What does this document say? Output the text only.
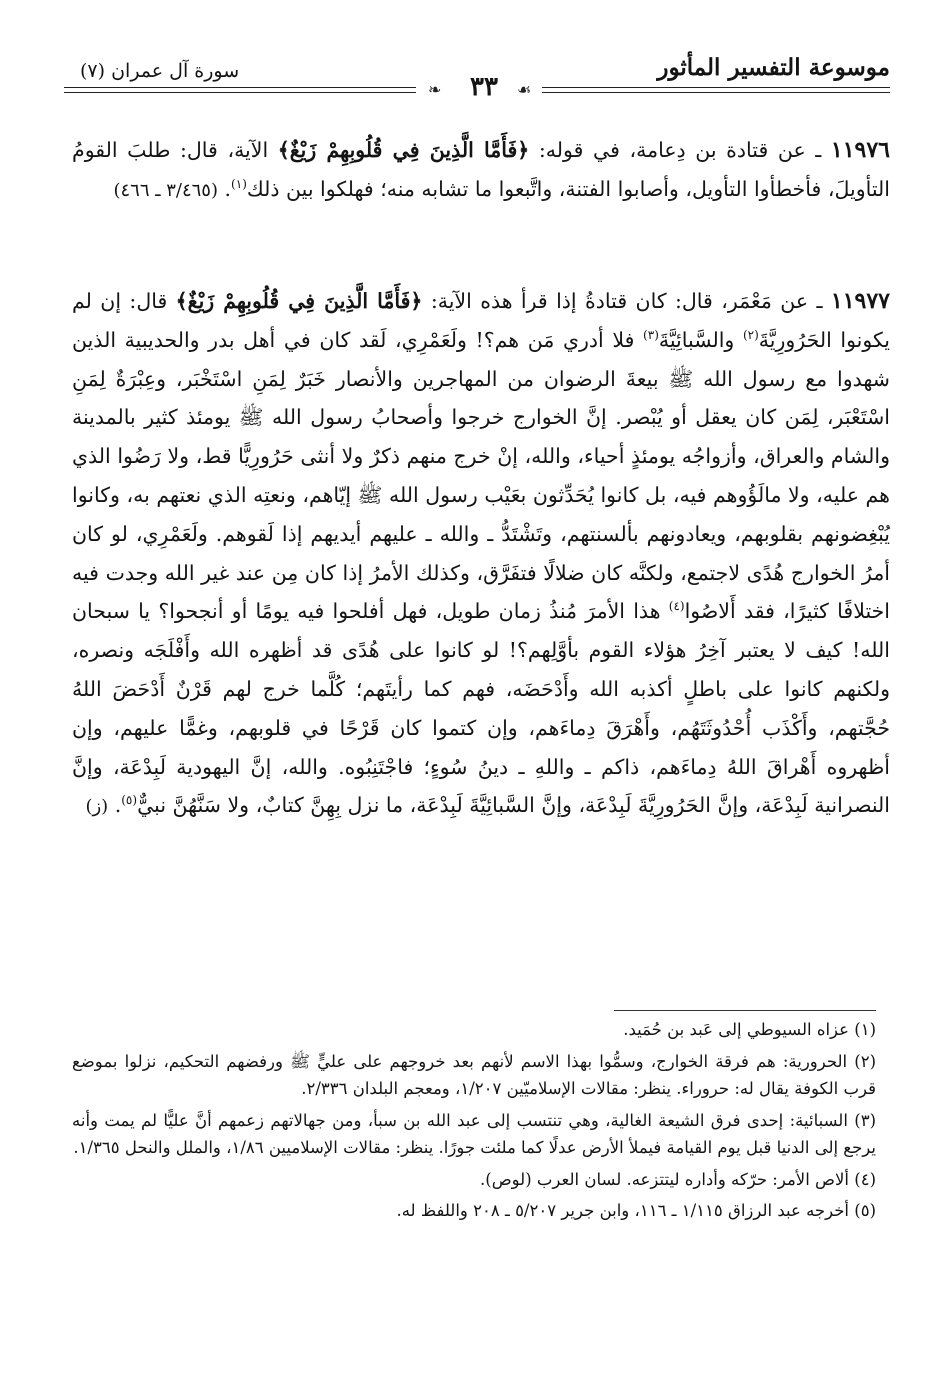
موسوعة التفسير المأثور
سورة آل عمران (٧)
❧	☙
٣٣
١١٩٧٦ ـ عن قتادة بن دِعامة، في قوله: ﴿فَأَمَّا الَّذِينَ فِي قُلُوبِهِمْ زَيْغٌ﴾ الآية، قال: طلبَ القومُ التأويلَ، فأخطأوا التأويل، وأصابوا الفتنة، واتَّبعوا ما تشابه منه؛ فهلكوا بين ذلك$^{(١)}$. (٣/٤٦٥ ـ ٤٦٦)
١١٩٧٧ ـ عن مَعْمَر، قال: كان قتادةُ إذا قرأ هذه الآية: ﴿فَأَمَّا الَّذِينَ فِي قُلُوبِهِمْ زَيْغٌ﴾ قال: إن لم يكونوا الحَرُورِيَّةَ$^{(٢)}$ والسَّبائِيَّةَ$^{(٣)}$ فلا أدري مَن هم؟! ولَعَمْرِي، لَقد كان في أهل بدر والحديبية الذين شهدوا مع رسول الله ﷺ بيعةَ الرضوان من المهاجرين والأنصار خَبَرٌ لِمَنِ اسْتَخْبَر، وعِبْرَةٌ لِمَنِ اسْتَعْبَر، لِمَن كان يعقل أو يُبْصر. إنَّ الخوارج خرجوا وأصحابُ رسول الله ﷺ يومئذ كثير بالمدينة والشام والعراق، وأزواجُه يومئذٍ أحياء، والله، إنْ خرج منهم ذكرٌ ولا أنثى حَرُورِيًّا قط، ولا رَضُوا الذي هم عليه، ولا مالَؤُوهم فيه، بل كانوا يُحَدِّثون بعَيْب رسول الله ﷺ إيّاهم، ونعتِه الذي نعتهم به، وكانوا يُبْغِضونهم بقلوبهم، ويعادونهم بألسنتهم، وتَشْتَدُّ ـ والله ـ عليهم أيديهم إذا لَقوهم. ولَعَمْرِي، لو كان أمرُ الخوارج هُدًى لاجتمع، ولكنَّه كان ضلالًا فتفَرَّق، وكذلك الأمرُ إذا كان مِن عند غير الله وجدت فيه اختلافًا كثيرًا، فقد أَلاصُوا$^{(٤)}$ هذا الأمرَ مُنذُ زمان طويل، فهل أفلحوا فيه يومًا أو أنجحوا؟ يا سبحان الله! كيف لا يعتبر آخِرُ هؤلاء القوم بأوَّلِهم؟! لو كانوا على هُدًى قد أظهره الله وأَفْلَجَه ونصره، ولكنهم كانوا على باطلٍ أكذبه الله وأَدْحَضَه، فهم كما رأيتَهم؛ كُلَّما خرج لهم قَرْنٌ أَدْحَضَ اللهُ حُجَّتهم، وأَكْذَب أُحْدُوثَتَهُم، وأَهْرَقَ دِماءَهم، وإن كتموا كان قَرْحًا في قلوبهم، وغمًّا عليهم، وإن أظهروه أَهْراقَ اللهُ دِماءَهم، ذاكم ـ واللهِ ـ دينُ سُوءٍ؛ فاجْتَنِبُوه. والله، إنَّ اليهودية لَبِدْعَة، وإنَّ النصرانية لَبِدْعَة، وإنَّ الحَرُورِيَّةَ لَبِدْعَة، وإنَّ السَّبائِيَّةَ لَبِدْعَة، ما نزل بِهِنَّ كتابٌ، ولا سَنَّهُنَّ نبيٌّ$^{(٥)}$. (ز)

(١) عزاه السيوطي إلى عَبد بن حُمَيد.

(٢) الحرورية: هم فرقة الخوارج، وسمُّوا بهذا الاسم لأنهم بعد خروجهم على عليٍّ ﷺ ورفضهم التحكيم، نزلوا بموضع قرب الكوفة يقال له: حروراء. ينظر: مقالات الإسلاميّين ١/٢٠٧، ومعجم البلدان ٢/٣٣٦.

(٣) السبائية: إحدى فرق الشيعة الغالية، وهي تنتسب إلى عبد الله بن سبأ، ومن جهالاتهم زعمهم أنَّ عليًّا لم يمت وأنه يرجع إلى الدنيا قبل يوم القيامة فيملأ الأرض عدلًا كما ملئت جورًا. ينظر: مقالات الإسلاميين ١/٨٦، والملل والنحل ١/٣٦٥.

(٤) ألاص الأمر: حرّكه وأداره ليتتزعه. لسان العرب (لوص).

(٥) أخرجه عبد الرزاق ١/١١٥ ـ ١١٦، وابن جرير ٥/٢٠٧ ـ ٢٠٨ واللفظ له.
